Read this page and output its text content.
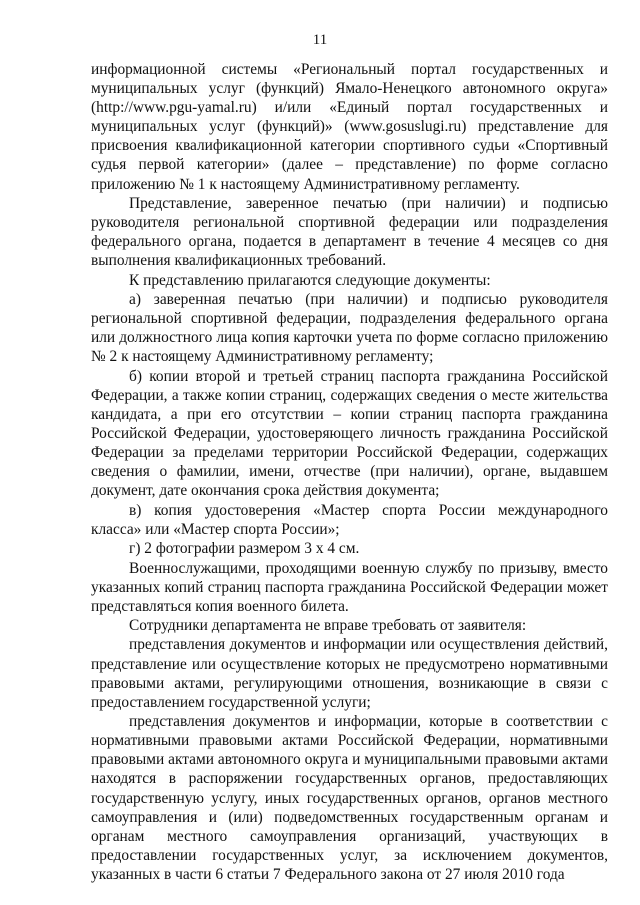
11

информационной системы «Региональный портал государственных и муниципальных услуг (функций) Ямало-Ненецкого автономного округа» (http://www.pgu-yamal.ru) и/или «Единый портал государственных и муниципальных услуг (функций)» (www.gosuslugi.ru) представление для присвоения квалификационной категории спортивного судьи «Спортивный судья первой категории» (далее – представление) по форме согласно приложению № 1 к настоящему Административному регламенту.

Представление, заверенное печатью (при наличии) и подписью руководителя региональной спортивной федерации или подразделения федерального органа, подается в департамент в течение 4 месяцев со дня выполнения квалификационных требований.

К представлению прилагаются следующие документы:

а) заверенная печатью (при наличии) и подписью руководителя региональной спортивной федерации, подразделения федерального органа или должностного лица копия карточки учета по форме согласно приложению № 2 к настоящему Административному регламенту;

б) копии второй и третьей страниц паспорта гражданина Российской Федерации, а также копии страниц, содержащих сведения о месте жительства кандидата, а при его отсутствии – копии страниц паспорта гражданина Российской Федерации, удостоверяющего личность гражданина Российской Федерации за пределами территории Российской Федерации, содержащих сведения о фамилии, имени, отчестве (при наличии), органе, выдавшем документ, дате окончания срока действия документа;

в) копия удостоверения «Мастер спорта России международного класса» или «Мастер спорта России»;

г) 2 фотографии размером 3 х 4 см.

Военнослужащими, проходящими военную службу по призыву, вместо указанных копий страниц паспорта гражданина Российской Федерации может представляться копия военного билета.

Сотрудники департамента не вправе требовать от заявителя:

представления документов и информации или осуществления действий, представление или осуществление которых не предусмотрено нормативными правовыми актами, регулирующими отношения, возникающие в связи с предоставлением государственной услуги;

представления документов и информации, которые в соответствии с нормативными правовыми актами Российской Федерации, нормативными правовыми актами автономного округа и муниципальными правовыми актами находятся в распоряжении государственных органов, предоставляющих государственную услугу, иных государственных органов, органов местного самоуправления и (или) подведомственных государственным органам и органам местного самоуправления организаций, участвующих в предоставлении государственных услуг, за исключением документов, указанных в части 6 статьи 7 Федерального закона от 27 июля 2010 года
